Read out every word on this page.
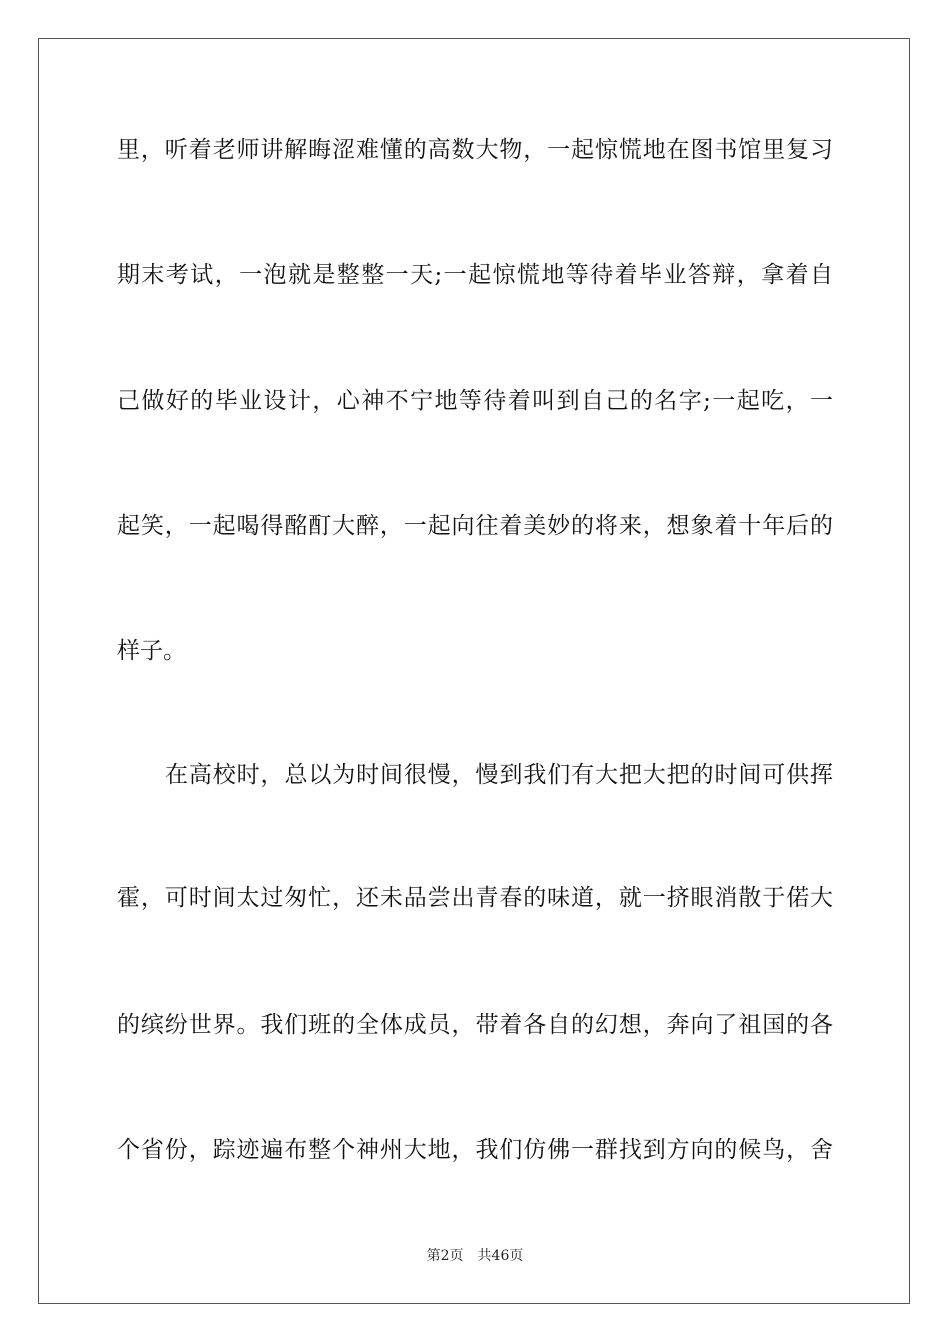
里，听着老师讲解晦涩难懂的高数大物，一起惊慌地在图书馆里复习
期末考试，一泡就是整整一天;一起惊慌地等待着毕业答辩，拿着自
己做好的毕业设计，心神不宁地等待着叫到自己的名字;一起吃，一
起笑，一起喝得酩酊大醉，一起向往着美妙的将来，想象着十年后的
样子。
在高校时，总以为时间很慢，慢到我们有大把大把的时间可供挥
霍，可时间太过匆忙，还未品尝出青春的味道，就一挤眼消散于偌大
的缤纷世界。我们班的全体成员，带着各自的幻想，奔向了祖国的各
个省份，踪迹遍布整个神州大地，我们仿佛一群找到方向的候鸟，舍
第2页 共46页
